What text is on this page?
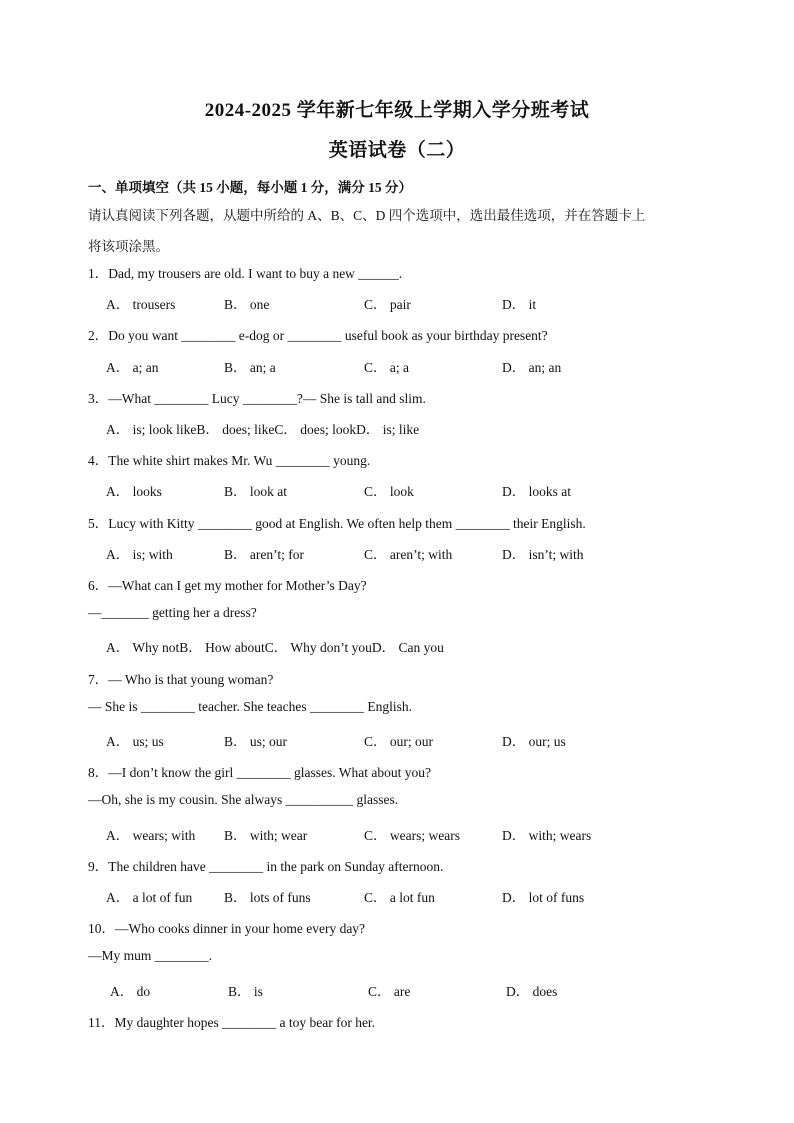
2024-2025 学年新七年级上学期入学分班考试
英语试卷（二）
一、单项填空（共 15 小题，每小题 1 分，满分 15 分）
请认真阅读下列各题，从题中所给的 A、B、C、D 四个选项中，选出最佳选项，并在答题卡上
将该项涂黑。
1．Dad, my trousers are old. I want to buy a new ______.
A． trousers	B． one	C． pair	D． it
2．Do you want ________ e-dog or ________ useful book as your birthday present?
A． a; an	B． an; a	C． a; a	D． an; an
3．—What ________ Lucy ________?— She is tall and slim.
A． is; look likeB． does; likeC． does; lookD． is; like
4．The white shirt makes Mr. Wu ________ young.
A． looks	B． look at	C． look	D． looks at
5．Lucy with Kitty ________ good at English. We often help them ________ their English.
A． is; with	B． aren’t; for	C． aren’t; with	D． isn’t; with
6．—What can I get my mother for Mother’s Day?
—_______ getting her a dress?
A． Why notB． How aboutC． Why don’t youD． Can you
7．— Who is that young woman?
— She is ________ teacher. She teaches ________ English.
A． us; us	B． us; our	C． our; our	D． our; us
8．—I don’t know the girl ________ glasses. What about you?
—Oh, she is my cousin. She always __________ glasses.
A． wears; with B． with; wear	C． wears; wears	D． with; wears
9．The children have ________ in the park on Sunday afternoon.
A． a lot of fun B． lots of funs	C． a lot fun	D． lot of funs
10．—Who cooks dinner in your home every day?
—My mum ________.
A． do	B． is	C． are	D． does
11．My daughter hopes ________ a toy bear for her.
